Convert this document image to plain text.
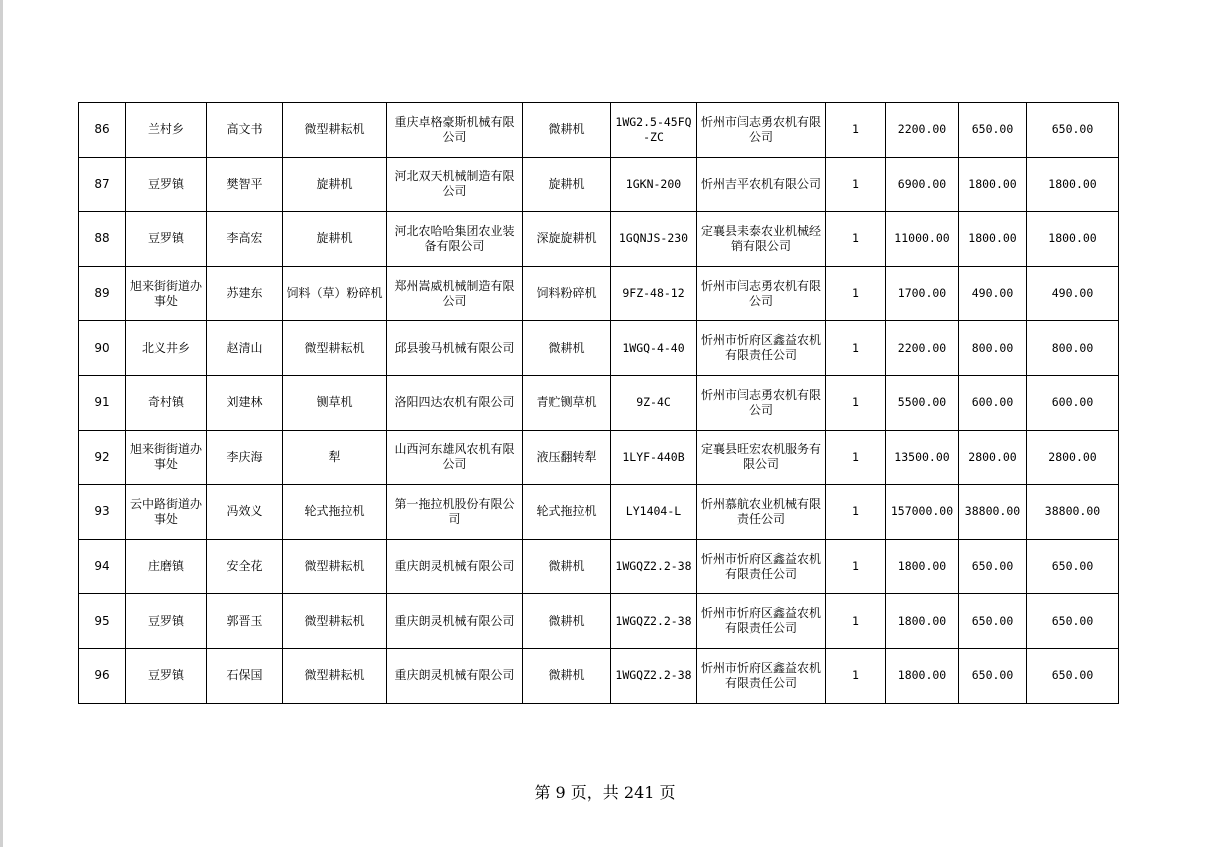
86	兰村乡	高文书	微型耕耘机	重庆卓格豪斯机械有限公司	微耕机	1WG2.5-45FQ-ZC	忻州市闫志勇农机有限公司	1	2200.00	650.00	650.00
87	豆罗镇	樊智平	旋耕机	河北双天机械制造有限公司	旋耕机	1GKN-200	忻州吉平农机有限公司	1	6900.00	1800.00	1800.00
88	豆罗镇	李高宏	旋耕机	河北农哈哈集团农业装备有限公司	深旋旋耕机	1GQNJS-230	定襄县耒泰农业机械经销有限公司	1	11000.00	1800.00	1800.00
89	旭来街街道办事处	苏建东	饲料（草）粉碎机	郑州嵩威机械制造有限公司	饲料粉碎机	9FZ-48-12	忻州市闫志勇农机有限公司	1	1700.00	490.00	490.00
90	北义井乡	赵清山	微型耕耘机	邱县骏马机械有限公司	微耕机	1WGQ-4-40	忻州市忻府区鑫益农机有限责任公司	1	2200.00	800.00	800.00
91	奇村镇	刘建林	铡草机	洛阳四达农机有限公司	青贮铡草机	9Z-4C	忻州市闫志勇农机有限公司	1	5500.00	600.00	600.00
92	旭来街街道办事处	李庆海	犁	山西河东雄风农机有限公司	液压翻转犁	1LYF-440B	定襄县旺宏农机服务有限公司	1	13500.00	2800.00	2800.00
93	云中路街道办事处	冯效义	轮式拖拉机	第一拖拉机股份有限公司	轮式拖拉机	LY1404-L	忻州慕航农业机械有限责任公司	1	157000.00	38800.00	38800.00
94	庄磨镇	安全花	微型耕耘机	重庆朗灵机械有限公司	微耕机	1WGQZ2.2-38	忻州市忻府区鑫益农机有限责任公司	1	1800.00	650.00	650.00
95	豆罗镇	郭晋玉	微型耕耘机	重庆朗灵机械有限公司	微耕机	1WGQZ2.2-38	忻州市忻府区鑫益农机有限责任公司	1	1800.00	650.00	650.00
96	豆罗镇	石保国	微型耕耘机	重庆朗灵机械有限公司	微耕机	1WGQZ2.2-38	忻州市忻府区鑫益农机有限责任公司	1	1800.00	650.00	650.00
第 9 页，共 241 页
